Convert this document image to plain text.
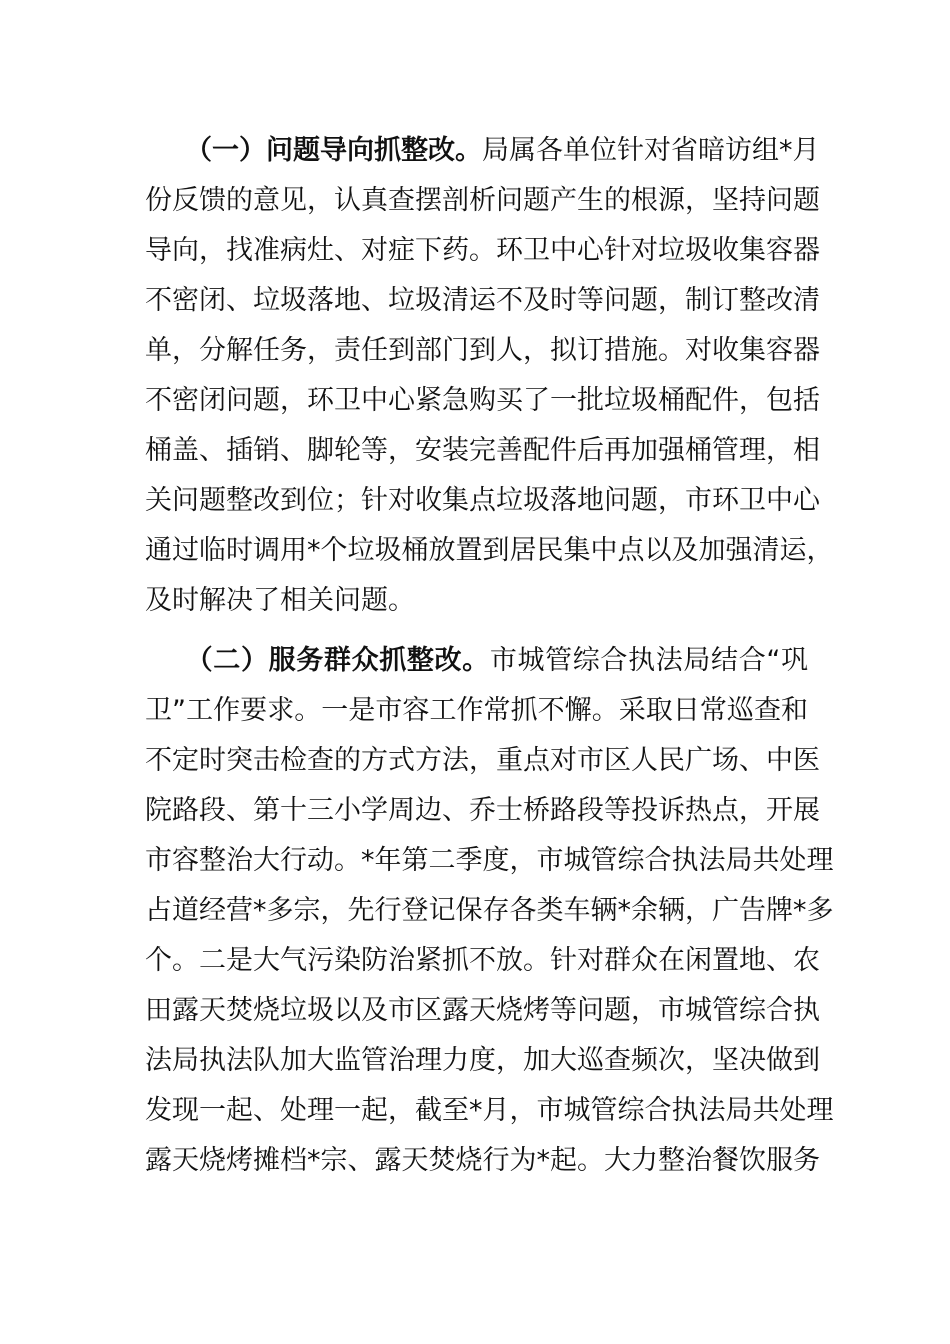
（一）问题导向抓整改。局属各单位针对省暗访组*月
份反馈的意见，认真查摆剖析问题产生的根源，坚持问题
导向，找准病灶、对症下药。环卫中心针对垃圾收集容器
不密闭、垃圾落地、垃圾清运不及时等问题，制订整改清
单，分解任务，责任到部门到人，拟订措施。对收集容器
不密闭问题，环卫中心紧急购买了一批垃圾桶配件，包括
桶盖、插销、脚轮等，安装完善配件后再加强桶管理，相
关问题整改到位；针对收集点垃圾落地问题，市环卫中心
通过临时调用*个垃圾桶放置到居民集中点以及加强清运，
及时解决了相关问题。
（二）服务群众抓整改。市城管综合执法局结合“巩
卫”工作要求。一是市容工作常抓不懈。采取日常巡查和
不定时突击检查的方式方法，重点对市区人民广场、中医
院路段、第十三小学周边、乔士桥路段等投诉热点，开展
市容整治大行动。*年第二季度，市城管综合执法局共处理
占道经营*多宗，先行登记保存各类车辆*余辆，广告牌*多
个。二是大气污染防治紧抓不放。针对群众在闲置地、农
田露天焚烧垃圾以及市区露天烧烤等问题，市城管综合执
法局执法队加大监管治理力度，加大巡查频次，坚决做到
发现一起、处理一起，截至*月，市城管综合执法局共处理
露天烧烤摊档*宗、露天焚烧行为*起。大力整治餐饮服务
